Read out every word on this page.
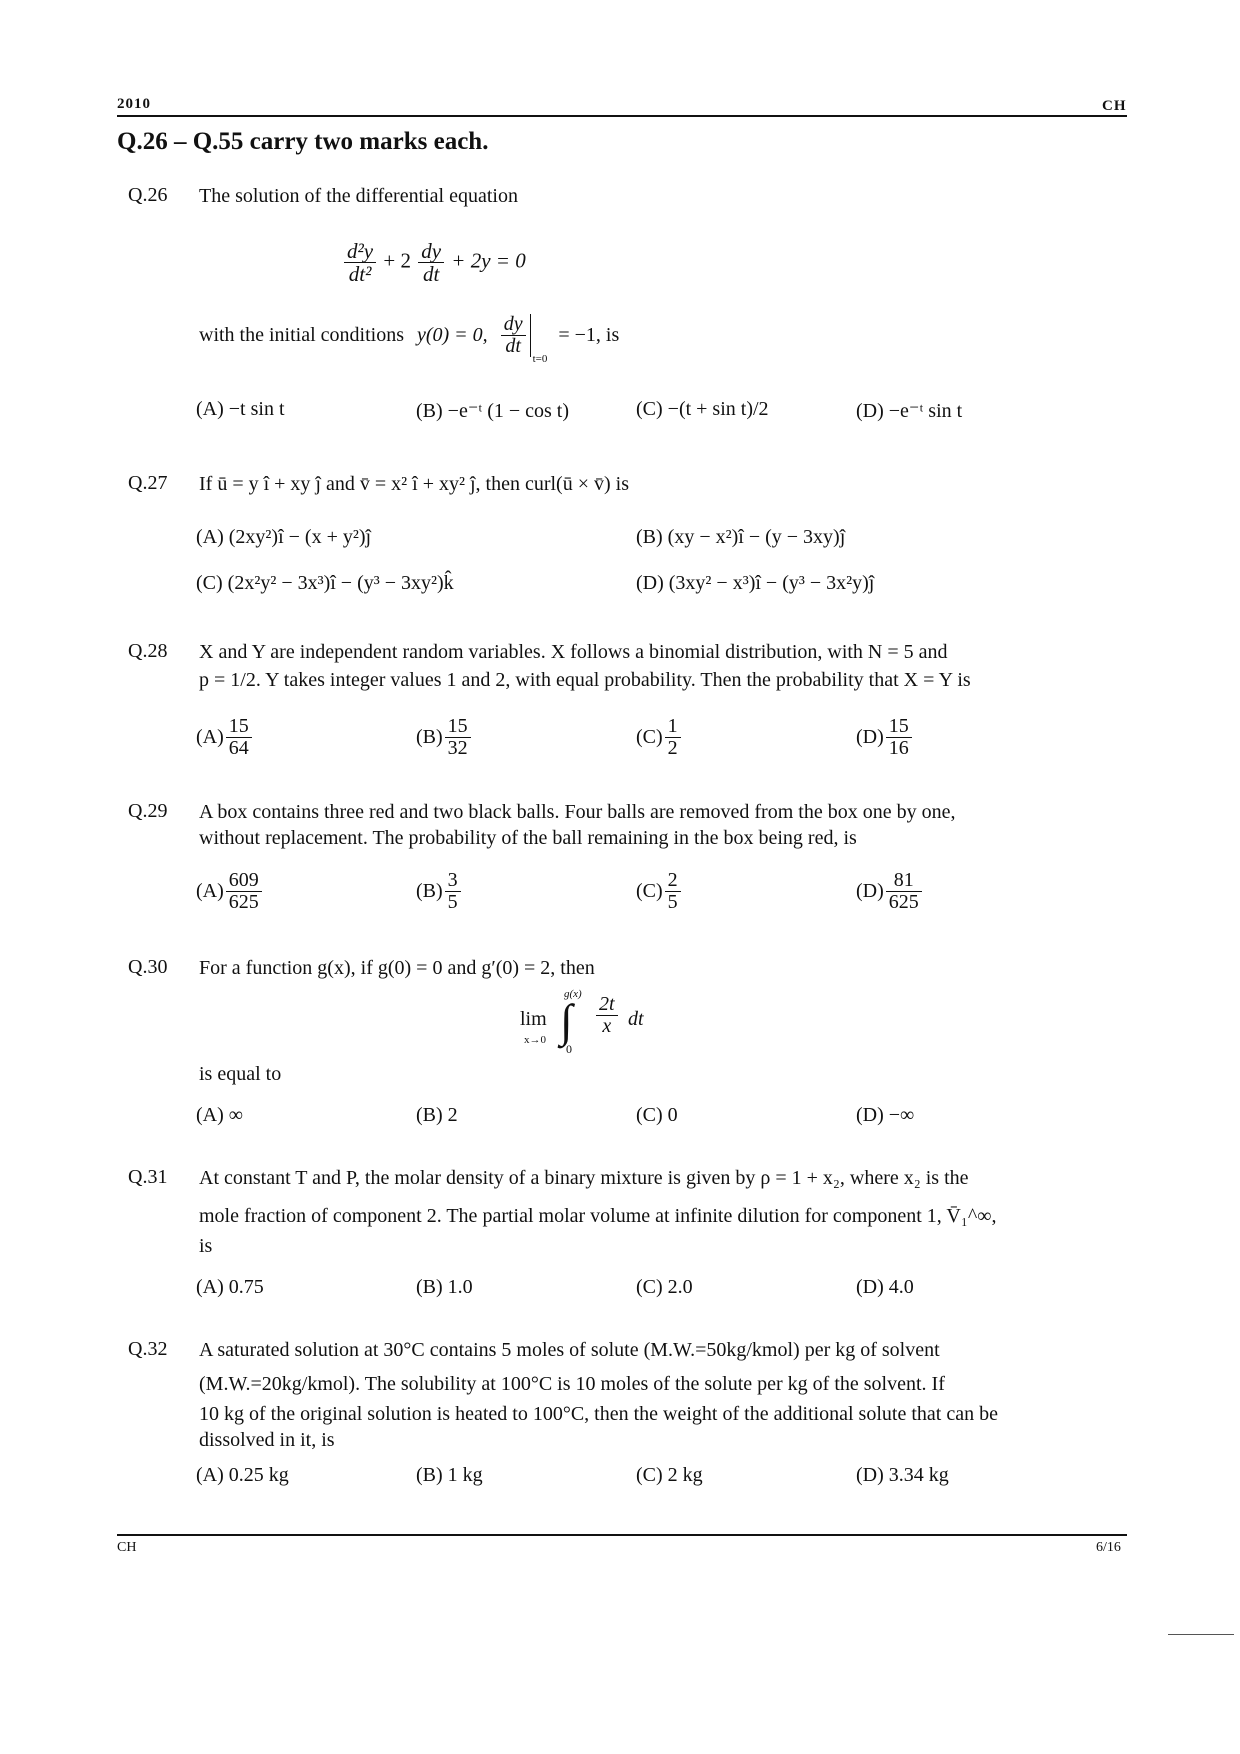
2010	CH
Q.26 – Q.55 carry two marks each.
Q.26 The solution of the differential equation
$\frac{\text{d²y}}{\text{dt²}} + 2 \frac{dy}{dt} + 2y = 0$
with the initial conditions y(0) = 0, $\frac{dy}{dt}$
$_{t=0}$ = −1, is
(A) −t sin t	(B) −e⁻ᵗ (1 − cos t)	(C) −(t + sin t)/2	(D) −e⁻ᵗ sin t
Q.27 If ū = y î + xy ĵ and v̄ = x² î + xy² ĵ, then curl(ū × v̄) is
(A) (2xy²)î − (x + y²)ĵ	(B) (xy − x²)î − (y − 3xy)ĵ
(C) (2x²y² − 3x³)î − (y³ − 3xy²)k̂	(D) (3xy² − x³)î − (y³ − 3x²y)ĵ
Q.28 X and Y are independent random variables. X follows a binomial distribution, with N = 5 and
p = 1/2. Y takes integer values 1 and 2, with equal probability. Then the probability that X = Y is
$(A) \frac{15}{64}$	$(B) \frac{15}{32}$	$(C) \frac{1}{2}$	$(D) \frac{15}{16}$
Q.29 A box contains three red and two black balls. Four balls are removed from the box one by one,
without replacement. The probability of the ball remaining in the box being red, is
$(A) \frac{609}{625}$	$(B) \frac{3}{5}$	$(C) \frac{2}{5}$	$(D) \frac{81}{625}$
Q.30 For a function g(x), if g(0) = 0 and g′(0) = 2, then
lim
x→0
g(x)
∫
0
$\frac{2t}{x}$ dt
is equal to
(A) ∞	(B) 2	(C) 0	(D) −∞
Q.31 At constant T and P, the molar density of a binary mixture is given by ρ = 1 + x₂, where x₂ is the
mole fraction of component 2. The partial molar volume at infinite dilution for component 1, V̄₁^∞,
is
(A) 0.75	(B) 1.0	(C) 2.0	(D) 4.0
Q.32 A saturated solution at 30°C contains 5 moles of solute (M.W.=50kg/kmol) per kg of solvent
(M.W.=20kg/kmol). The solubility at 100°C is 10 moles of the solute per kg of the solvent. If
10 kg of the original solution is heated to 100°C, then the weight of the additional solute that can be
dissolved in it, is
(A) 0.25 kg	(B) 1 kg	(C) 2 kg	(D) 3.34 kg
CH	6/16
